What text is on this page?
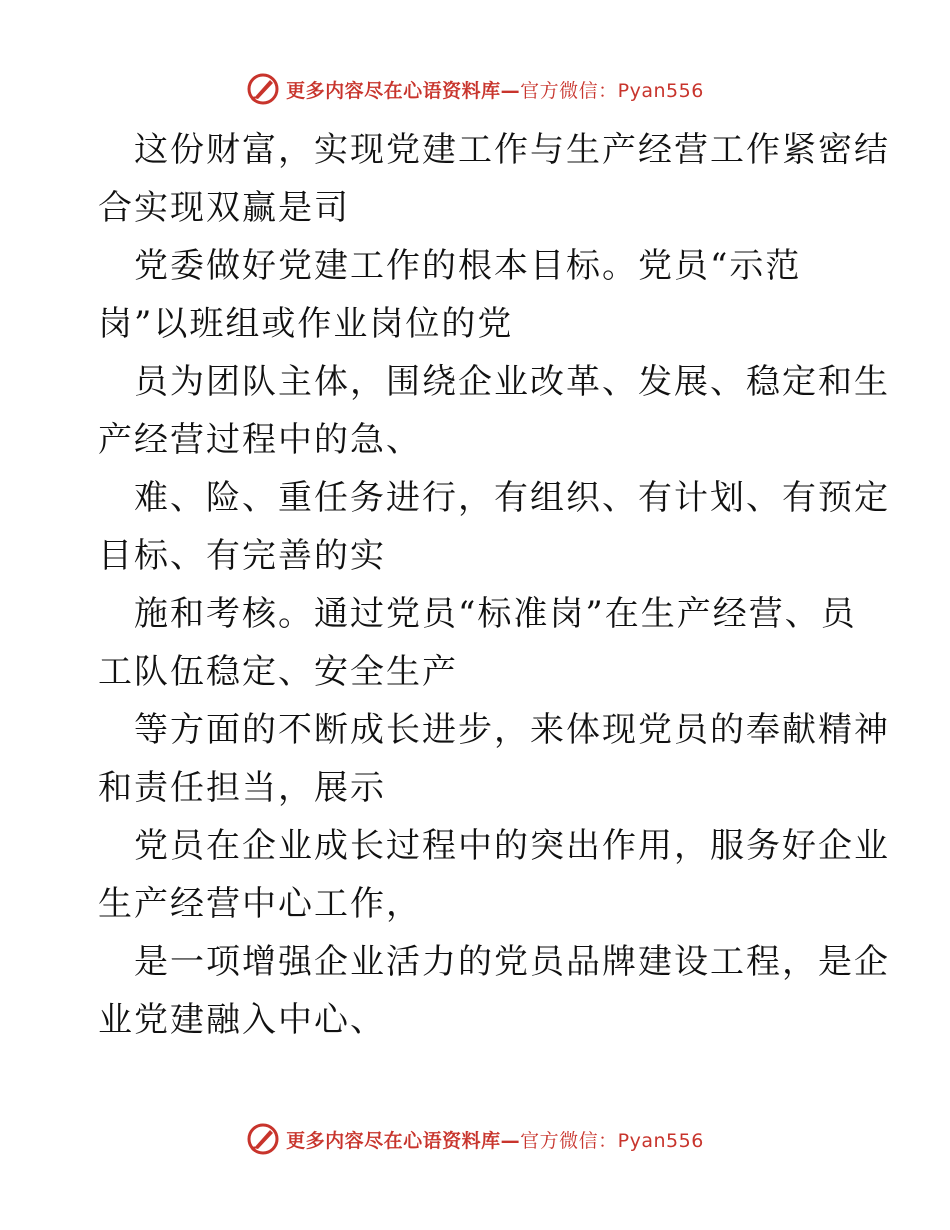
更多内容尽在心语资料库—官方微信：Pyan556

这份财富，实现党建工作与生产经营工作紧密结

合实现双赢是司

党委做好党建工作的根本目标。党员“示范

岗”以班组或作业岗位的党

员为团队主体，围绕企业改革、发展、稳定和生

产经营过程中的急、

难、险、重任务进行，有组织、有计划、有预定

目标、有完善的实

施和考核。通过党员“标准岗”在生产经营、员

工队伍稳定、安全生产

等方面的不断成长进步，来体现党员的奉献精神

和责任担当，展示

党员在企业成长过程中的突出作用，服务好企业

生产经营中心工作，

是一项增强企业活力的党员品牌建设工程，是企

业党建融入中心、

更多内容尽在心语资料库—官方微信：Pyan556
